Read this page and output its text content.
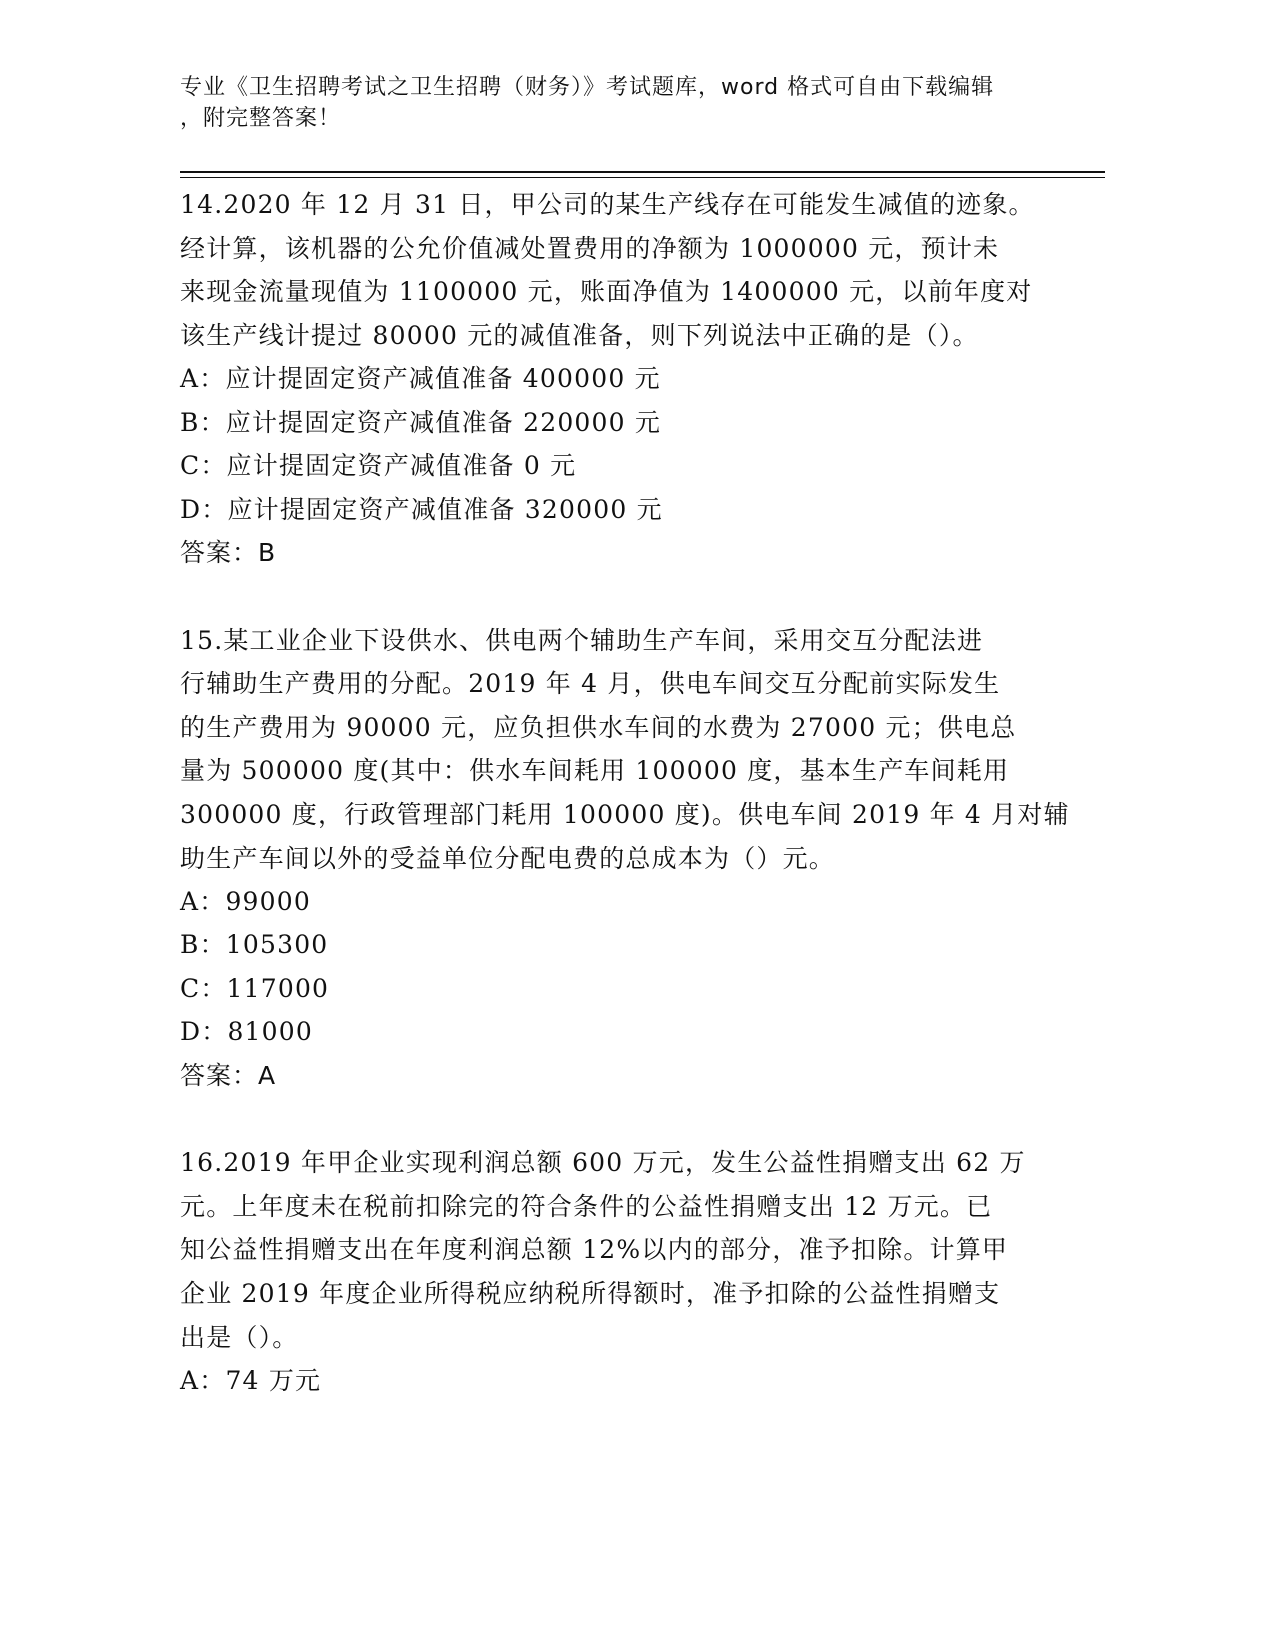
专业《卫生招聘考试之卫生招聘（财务）》考试题库，word 格式可自由下载编辑
，附完整答案！
14.2020 年 12 月 31 日，甲公司的某生产线存在可能发生减值的迹象。
经计算，该机器的公允价值减处置费用的净额为 1000000 元，预计未
来现金流量现值为 1100000 元，账面净值为 1400000 元，以前年度对
该生产线计提过 80000 元的减值准备，则下列说法中正确的是（）。
A：应计提固定资产减值准备 400000 元
B：应计提固定资产减值准备 220000 元
C：应计提固定资产减值准备 0 元
D：应计提固定资产减值准备 320000 元
答案：B
15.某工业企业下设供水、供电两个辅助生产车间，采用交互分配法进
行辅助生产费用的分配。2019 年 4 月，供电车间交互分配前实际发生
的生产费用为 90000 元，应负担供水车间的水费为 27000 元；供电总
量为 500000 度(其中：供水车间耗用 100000 度，基本生产车间耗用
300000 度，行政管理部门耗用 100000 度)。供电车间 2019 年 4 月对辅
助生产车间以外的受益单位分配电费的总成本为（）元。
A：99000
B：105300
C：117000
D：81000
答案：A
16.2019 年甲企业实现利润总额 600 万元，发生公益性捐赠支出 62 万
元。上年度未在税前扣除完的符合条件的公益性捐赠支出 12 万元。已
知公益性捐赠支出在年度利润总额 12%以内的部分，准予扣除。计算甲
企业 2019 年度企业所得税应纳税所得额时，准予扣除的公益性捐赠支
出是（）。
A：74 万元
